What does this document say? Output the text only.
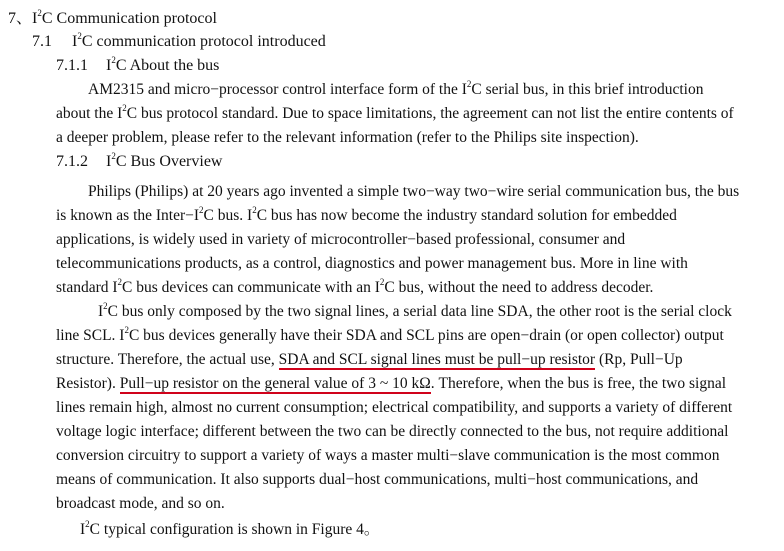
7、$I^2C$ Communication protocol
7.1 $I^2C$ communication protocol introduced
7.1.1 $I^2C$ About the bus
AM2315 and micro−processor control interface form of the $I^2C$ serial bus, in this brief introduction
about the $I^2C$ bus protocol standard. Due to space limitations, the agreement can not list the entire contents of
a deeper problem, please refer to the relevant information (refer to the Philips site inspection).
7.1.2 $I^2C$ Bus Overview
Philips (Philips) at 20 years ago invented a simple two−way two−wire serial communication bus, the bus
is known as the $Inter-I^2C$ bus. $I^2C$ bus has now become the industry standard solution for embedded
applications, is widely used in variety of microcontroller−based professional, consumer and
telecommunications products, as a control, diagnostics and power management bus. More in line with
standard $I^2C$ bus devices can communicate with an $I^2C$ bus, without the need to address decoder.
$I^2C$ bus only composed by the two signal lines, a serial data line SDA, the other root is the serial clock
line SCL. $I^2C$ bus devices generally have their SDA and SCL pins are open−drain (or open collector) output
structure. Therefore, the actual use, SDA and SCL signal lines must be pull−up resistor (Rp, Pull−Up
Resistor). Pull−up resistor on the general value of 3 ~ 10 kΩ. Therefore, when the bus is free, the two signal
lines remain high, almost no current consumption; electrical compatibility, and supports a variety of different
voltage logic interface; different between the two can be directly connected to the bus, not require additional
conversion circuitry to support a variety of ways a master multi−slave communication is the most common
means of communication. It also supports dual−host communications, multi−host communications, and
broadcast mode, and so on.
$I^2C$ typical configuration is shown in Figure 4。
